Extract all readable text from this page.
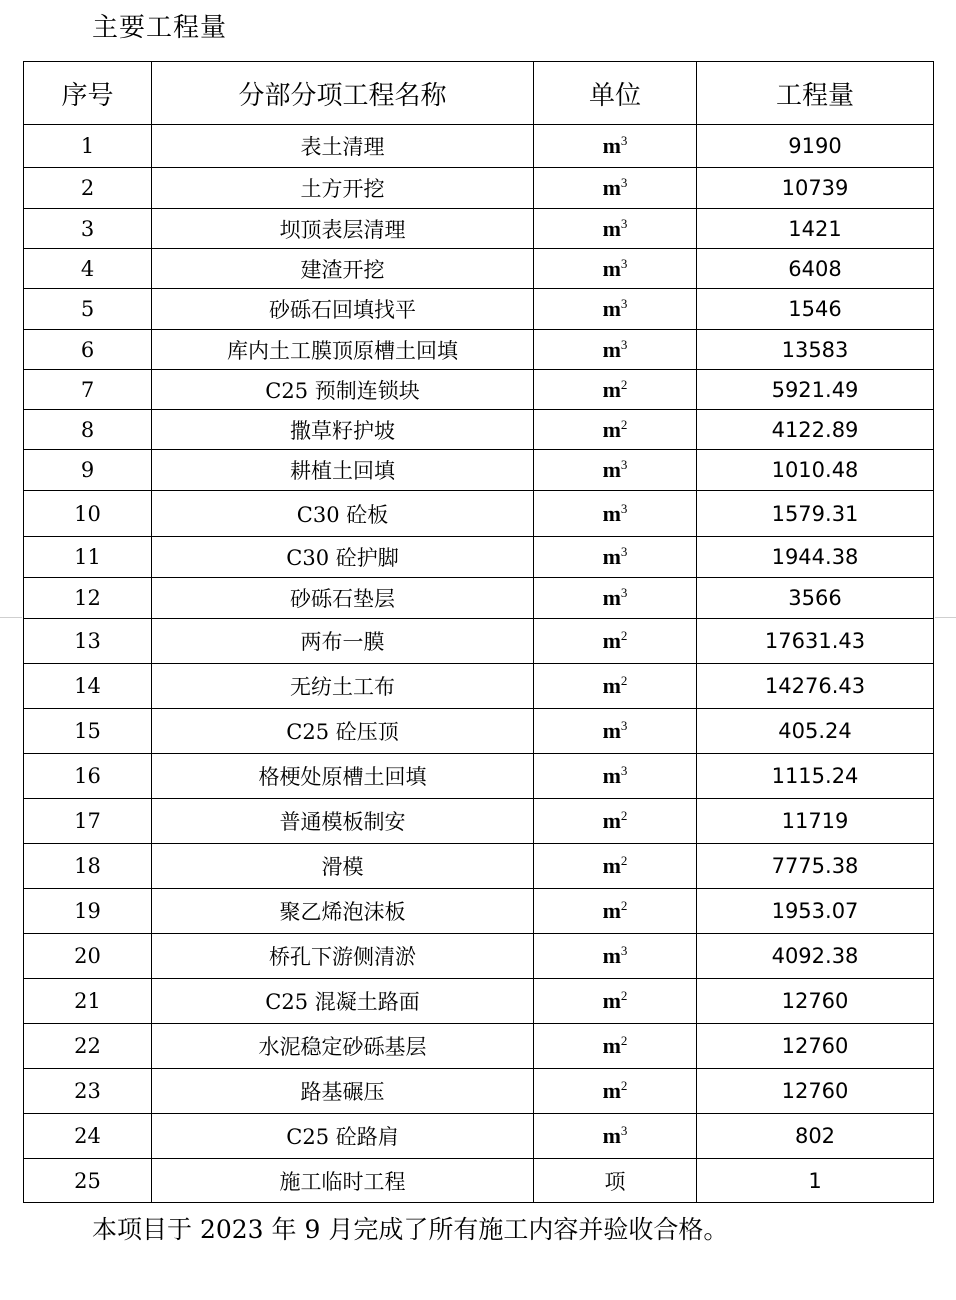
主要工程量
序号	分部分项工程名称	单位	工程量
1	表土清理	$m^3$	9190
2	土方开挖	$m^3$	10739
3	坝顶表层清理	$m^3$	1421
4	建渣开挖	$m^3$	6408
5	砂砾石回填找平	$m^3$	1546
6	库内土工膜顶原槽土回填	$m^3$	13583
7	C25 预制连锁块	$m^2$	5921.49
8	撒草籽护坡	$m^2$	4122.89
9	耕植土回填	$m^3$	1010.48
10	C30 砼板	$m^3$	1579.31
11	C30 砼护脚	$m^3$	1944.38
12	砂砾石垫层	$m^3$	3566
13	两布一膜	$m^2$	17631.43
14	无纺土工布	$m^2$	14276.43
15	C25 砼压顶	$m^3$	405.24
16	格梗处原槽土回填	$m^3$	1115.24
17	普通模板制安	$m^2$	11719
18	滑模	$m^2$	7775.38
19	聚乙烯泡沫板	$m^2$	1953.07
20	桥孔下游侧清淤	$m^3$	4092.38
21	C25 混凝土路面	$m^2$	12760
22	水泥稳定砂砾基层	$m^2$	12760
23	路基碾压	$m^2$	12760
24	C25 砼路肩	$m^3$	802
25	施工临时工程	项	1
本项目于 2023 年 9 月完成了所有施工内容并验收合格。
